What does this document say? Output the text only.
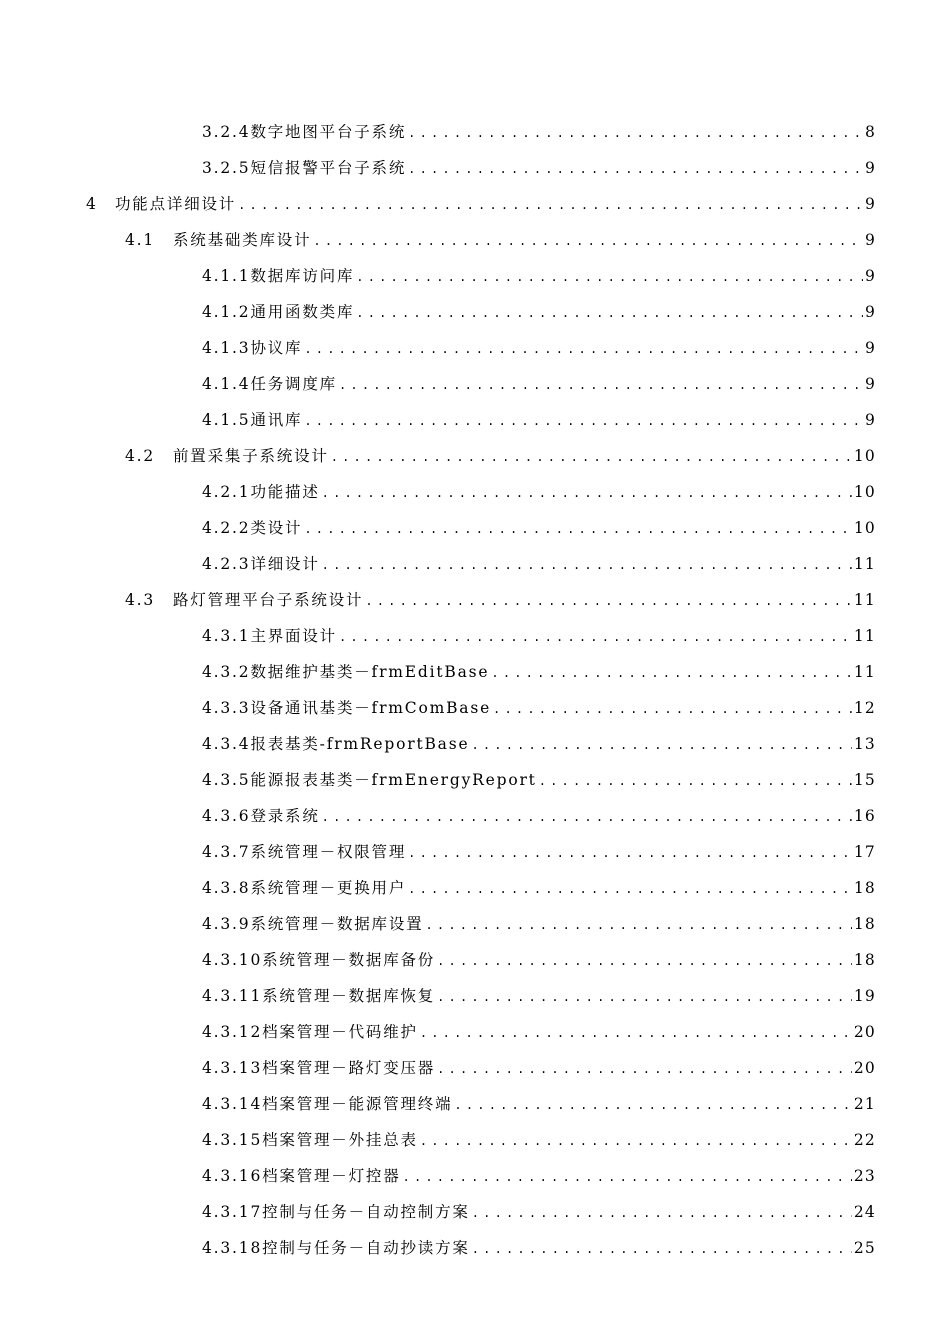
3.2.4 数字地图平台子系统 .....	8
3.2.5 短信报警平台子系统 .....	9
4	功能点详细设计 .....	9
4.1	系统基础类库设计 .....	9
4.1.1 数据库访问库 .....	9
4.1.2 通用函数类库 .....	9
4.1.3 协议库 .....	9
4.1.4 任务调度库 .....	9
4.1.5 通讯库 .....	9
4.2	前置采集子系统设计 .....	10
4.2.1 功能描述 .....	10
4.2.2 类设计 .....	10
4.2.3 详细设计 .....	11
4.3	路灯管理平台子系统设计 .....	11
4.3.1 主界面设计 .....	11
4.3.2 数据维护基类－frmEditBase .....	11
4.3.3 设备通讯基类－frmComBase .....	12
4.3.4 报表基类-frmReportBase .....	13
4.3.5 能源报表基类－frmEnergyReport .....	15
4.3.6 登录系统 .....	16
4.3.7 系统管理－权限管理 .....	17
4.3.8 系统管理－更换用户 .....	18
4.3.9 系统管理－数据库设置 .....	18
4.3.10 系统管理－数据库备份 .....	18
4.3.11 系统管理－数据库恢复 .....	19
4.3.12 档案管理－代码维护 .....	20
4.3.13 档案管理－路灯变压器 .....	20
4.3.14 档案管理－能源管理终端 .....	21
4.3.15 档案管理－外挂总表 .....	22
4.3.16 档案管理－灯控器 .....	23
4.3.17 控制与任务－自动控制方案 .....	24
4.3.18 控制与任务－自动抄读方案 .....	25
